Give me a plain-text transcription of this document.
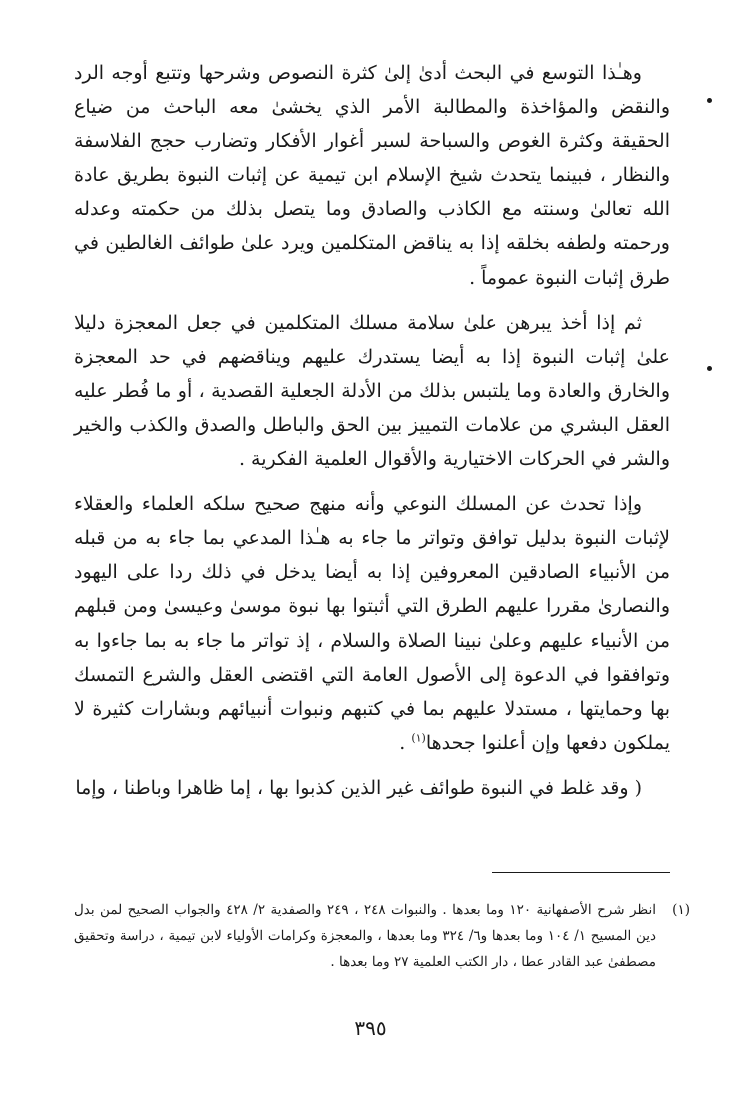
وهـٰذا التوسع في البحث أدىٰ إلىٰ كثرة النصوص وشرحها وتتبع أوجه الرد والنقض والمؤاخذة والمطالبة الأمر الذي يخشىٰ معه الباحث من ضياع الحقيقة وكثرة الغوص والسباحة لسبر أغوار الأفكار وتضارب حجج الفلاسفة والنظار ، فبينما يتحدث شيخ الإسلام ابن تيمية عن إثبات النبوة بطريق عادة الله تعالىٰ وسنته مع الكاذب والصادق وما يتصل بذلك من حكمته وعدله ورحمته ولطفه بخلقه إذا به يناقض المتكلمين ويرد علىٰ طوائف الغالطين في طرق إثبات النبوة عموماً .

ثم إذا أخذ يبرهن علىٰ سلامة مسلك المتكلمين في جعل المعجزة دليلا علىٰ إثبات النبوة إذا به أيضا يستدرك عليهم ويناقضهم في حد المعجزة والخارق والعادة وما يلتبس بذلك من الأدلة الجعلية القصدية ، أو ما فُطر عليه العقل البشري من علامات التمييز بين الحق والباطل والصدق والكذب والخير والشر في الحركات الاختيارية والأقوال العلمية الفكرية .

وإذا تحدث عن المسلك النوعي وأنه منهج صحيح سلكه العلماء والعقلاء لإثبات النبوة بدليل توافق وتواتر ما جاء به هـٰذا المدعي بما جاء به من قبله من الأنبياء الصادقين المعروفين إذا به أيضا يدخل في ذلك ردا على اليهود والنصارىٰ مقررا عليهم الطرق التي أثبتوا بها نبوة موسىٰ وعيسىٰ ومن قبلهم من الأنبياء عليهم وعلىٰ نبينا الصلاة والسلام ، إذ تواتر ما جاء به بما جاءوا به وتوافقوا في الدعوة إلى الأصول العامة التي اقتضى العقل والشرع التمسك بها وحمايتها ، مستدلا عليهم بما في كتبهم ونبوات أنبيائهم وبشارات كثيرة لا يملكون دفعها وإن أعلنوا جحدها$^{(١)}$ .

( وقد غلط في النبوة طوائف غير الذين كذبوا بها ، إما ظاهرا وباطنا ، وإما

(١)
انظر شرح الأصفهانية ١٢٠ وما بعدها . والنبوات ٢٤٨ ، ٢٤٩ والصفدية ٢/ ٤٢٨ والجواب الصحيح لمن بدل دين المسيح ١/ ١٠٤ وما بعدها و٦/ ٣٢٤ وما بعدها ، والمعجزة وكرامات الأولياء لابن تيمية ، دراسة وتحقيق مصطفىٰ عبد القادر عطا ، دار الكتب العلمية ٢٧ وما بعدها .
٣٩٥
